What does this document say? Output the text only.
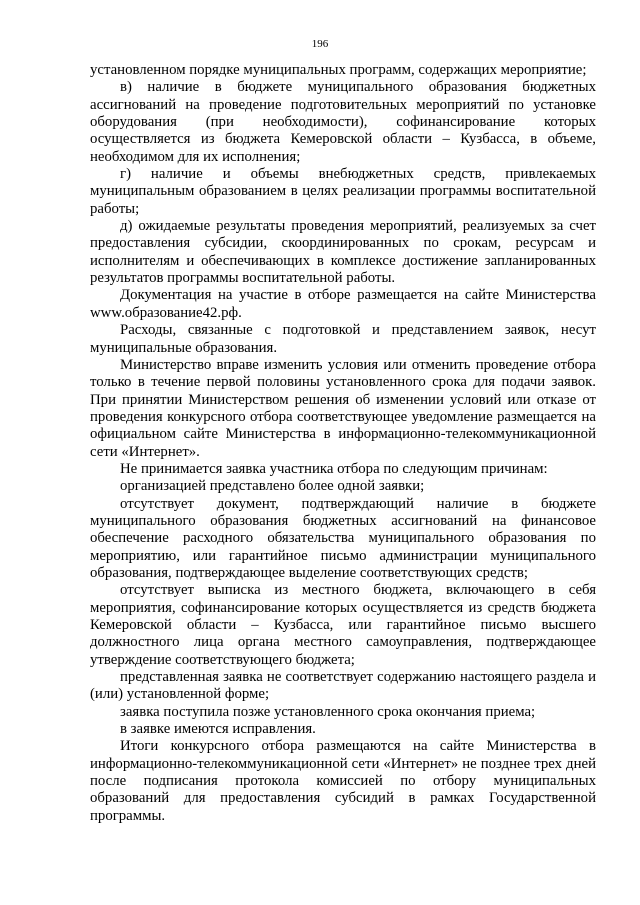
196

установленном порядке муниципальных программ, содержащих мероприятие;

в) наличие в бюджете муниципального образования бюджетных ассигнований на проведение подготовительных мероприятий по установке оборудования (при необходимости), софинансирование которых осуществляется из бюджета Кемеровской области – Кузбасса, в объеме, необходимом для их исполнения;

г) наличие и объемы внебюджетных средств, привлекаемых муниципальным образованием в целях реализации программы воспитательной работы;

д) ожидаемые результаты проведения мероприятий, реализуемых за счет предоставления субсидии, скоординированных по срокам, ресурсам и исполнителям и обеспечивающих в комплексе достижение запланированных результатов программы воспитательной работы.

Документация на участие в отборе размещается на сайте Министерства www.образование42.рф.

Расходы, связанные с подготовкой и представлением заявок, несут муниципальные образования.

Министерство вправе изменить условия или отменить проведение отбора только в течение первой половины установленного срока для подачи заявок. При принятии Министерством решения об изменении условий или отказе от проведения конкурсного отбора соответствующее уведомление размещается на официальном сайте Министерства в информационно-телекоммуникационной сети «Интернет».

Не принимается заявка участника отбора по следующим причинам:

организацией представлено более одной заявки;

отсутствует документ, подтверждающий наличие в бюджете муниципального образования бюджетных ассигнований на финансовое обеспечение расходного обязательства муниципального образования по мероприятию, или гарантийное письмо администрации муниципального образования, подтверждающее выделение соответствующих средств;

отсутствует выписка из местного бюджета, включающего в себя мероприятия, софинансирование которых осуществляется из средств бюджета Кемеровской области – Кузбасса, или гарантийное письмо высшего должностного лица органа местного самоуправления, подтверждающее утверждение соответствующего бюджета;

представленная заявка не соответствует содержанию настоящего раздела и (или) установленной форме;

заявка поступила позже установленного срока окончания приема;

в заявке имеются исправления.

Итоги конкурсного отбора размещаются на сайте Министерства в информационно-телекоммуникационной сети «Интернет» не позднее трех дней после подписания протокола комиссией по отбору муниципальных образований для предоставления субсидий в рамках Государственной программы.
